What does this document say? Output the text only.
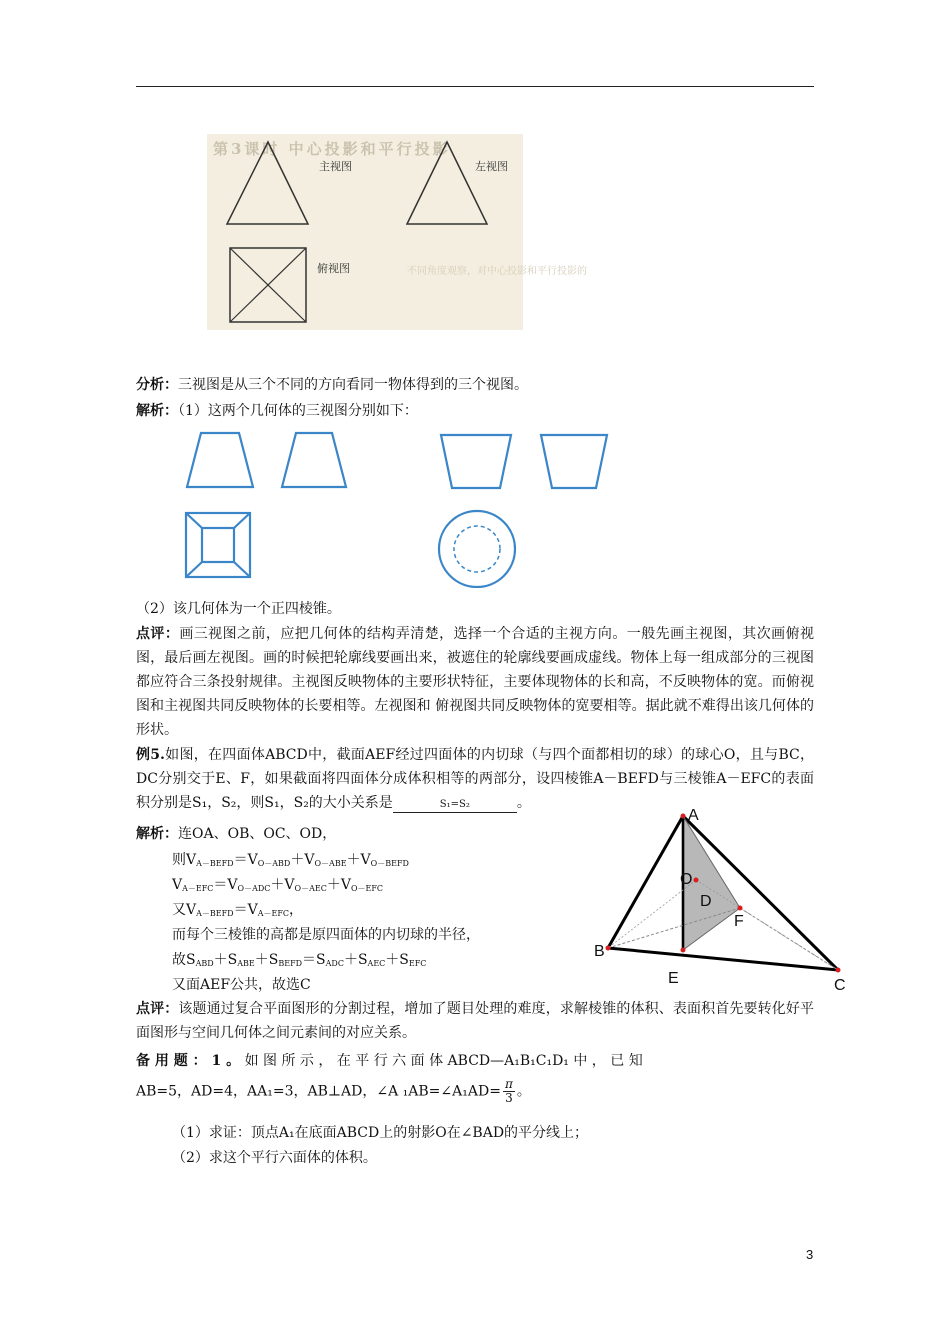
第3课时 中心投影和平行投影
不同角度观察，对中心投影和平行投影的
主视图	左视图
俯视图
分析：三视图是从三个不同的方向看同一物体得到的三个视图。
解析：（1）这两个几何体的三视图分别如下：
（2）该几何体为一个正四棱锥。
点评：画三视图之前，应把几何体的结构弄清楚，选择一个合适的主视方向。一般先画主视图，其次画俯视图，最后画左视图。画的时候把轮廓线要画出来，被遮住的轮廓线要画成虚线。物体上每一组成部分的三视图都应符合三条投射规律。主视图反映物体的主要形状特征，主要体现物体的长和高，不反映物体的宽。而俯视图和主视图共同反映物体的长要相等。左视图和 俯视图共同反映物体的宽要相等。据此就不难得出该几何体的形状。
例5.如图，在四面体ABCD中，截面AEF经过四面体的内切球（与四个面都相切的球）的球心O，且与BC，DC分别交于E、F，如果截面将四面体分成体积相等的两部分，设四棱锥A－BEFD与三棱锥A－EFC的表面积分别是S₁，S₂，则S₁，S₂的大小关系是	S₁=S₂	。
解析：连OA、OB、OC、OD，
则$V_{A-BEFD}=V_{O-ABD}+V_{O-ABE}+V_{O-BEFD}$
$V_{A-EFC}=V_{O-ADC}+V_{O-AEC}+V_{O-EFC}$
又$V_{A-BEFD}=V_{A-EFC}$，
而每个三棱锥的高都是原四面体的内切球的半径，
故$S_{ABD}+S_{ABE}+S_{BEFD}=S_{ADC}+S_{AEC}+S_{EFC}$
又面AEF公共，故选C
A
O
D
F
B
E	C
点评：该题通过复合平面图形的分割过程，增加了题目处理的难度，求解棱锥的体积、表面积首先要转化好平面图形与空间几何体之间元素间的对应关系。
备 用 题 ： 1 。 如 图 所 示 ， 在 平 行 六 面 体 ABCD—A₁B₁C₁D₁ 中 ， 已 知
AB=5，AD=4，AA₁=3，AB⊥AD，∠A ₁AB=∠A₁AD= $\frac{\pi}{3}$ 。
（1）求证：顶点A₁在底面ABCD上的射影O在∠BAD的平分线上；
（2）求这个平行六面体的体积。
3
